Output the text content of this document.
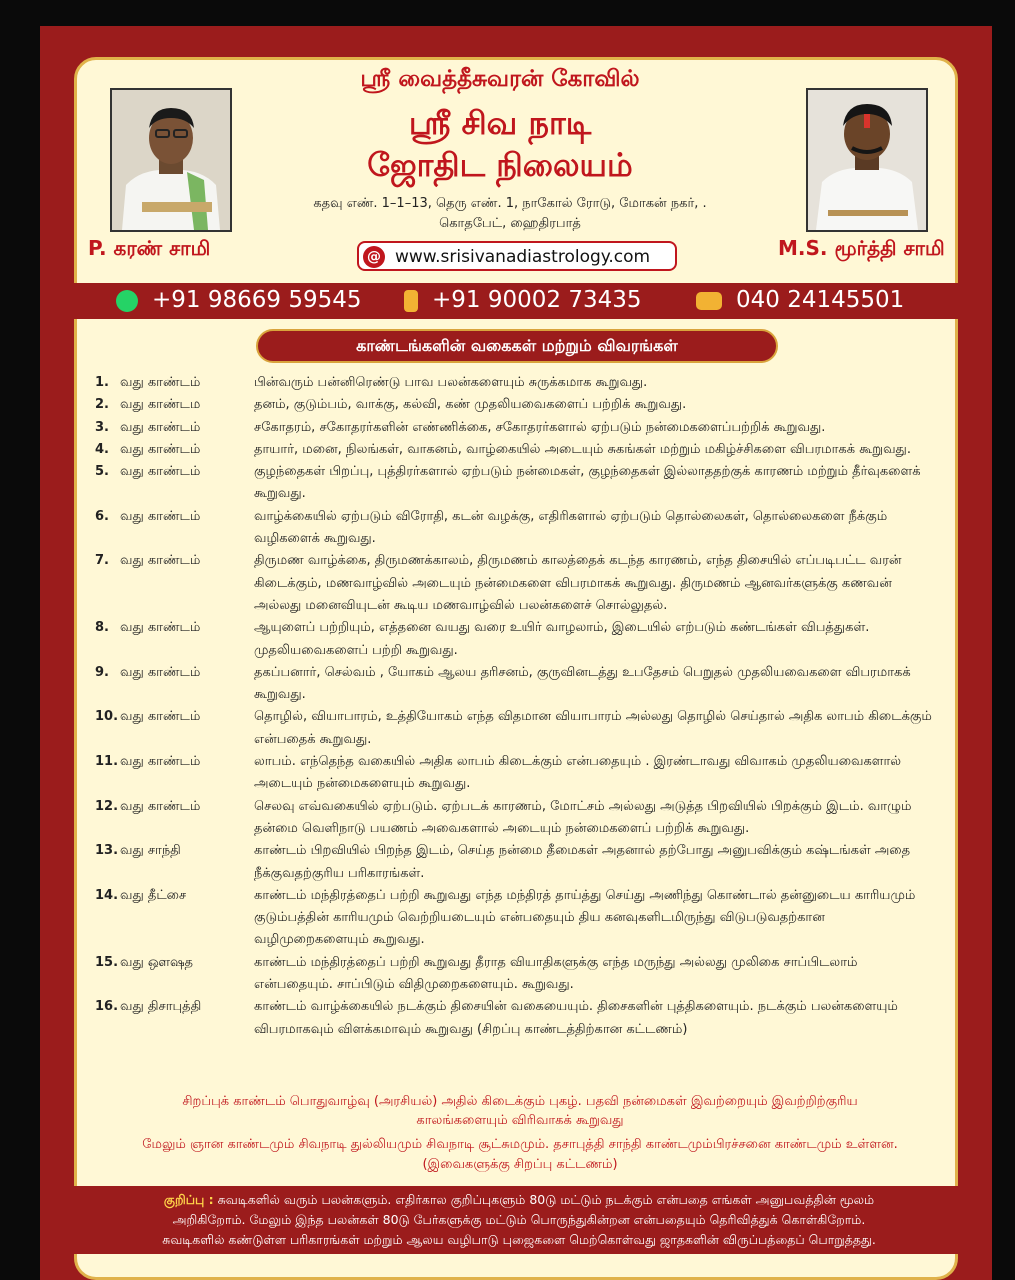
P. கரண் சாமி	M.S. மூர்த்தி சாமி
ஸ்ரீ வைத்தீசுவரன் கோவில்
ஸ்ரீ சிவ நாடி
ஜோதிட நிலையம்
கதவு எண். 1–1–13, தெரு எண். 1, நாகோல் ரோடு, மோகன் நகர், .
கொதபேட், ஹைதிரபாத்
@ www.srisivanadiastrology.com
+91 98669 59545	+91 90002 73435	040 24145501
காண்டங்களின் வகைகள் மற்றும் விவரங்கள்
1. வது காண்டம்	பின்வரும் பன்னிரெண்டு பாவ பலன்களையும் சுருக்கமாக கூறுவது.
2. வது காண்டம	தனம், குடும்பம், வாக்கு, கல்வி, கண் முதலியவைகளைப் பற்றிக் கூறுவது.
3. வது காண்டம்	சகோதரம், சகோதரர்களின் எண்ணிக்கை, சகோதரர்களால் ஏற்படும் நன்மைகளைப்பற்றிக் கூறுவது.
4. வது காண்டம்	தாயார், மனை, நிலங்கள், வாகனம், வாழ்கையில் அடையும் சுகங்கள் மற்றும் மகிழ்ச்சிகளை விபரமாகக் கூறுவது.
5. வது காண்டம்	குழந்தைகள் பிறப்பு, புத்திரர்களால் ஏற்படும் நன்மைகள், குழந்தைகள் இல்லாததற்குக் காரணம் மற்றும் தீர்வுகளைக் கூறுவது.
6. வது காண்டம்	வாழ்க்கையில் ஏற்படும் விரோதி, கடன் வழக்கு, எதிரிகளால் ஏற்படும் தொல்லைகள், தொல்லைகளை நீக்கும் வழிகளைக் கூறுவது.
7. வது காண்டம்	திருமண வாழ்க்கை, திருமணக்காலம், திருமணம் காலத்தைக் கடந்த காரணம், எந்த திசையில் எப்படிபட்ட வரன் கிடைக்கும், மணவாழ்வில் அடையும் நன்மைகளை விபரமாகக் கூறுவது. திருமணம் ஆனவர்களுக்கு கணவன் அல்லது மனைவியுடன் கூடிய மணவாழ்வில் பலன்களைச் சொல்லுதல்.
8. வது காண்டம்	ஆயுளைப் பற்றியும், எத்தனை வயது வரை உயிர் வாழலாம், இடையில் எற்படும் கண்டங்கள் விபத்துகள். முதலியவைகளைப் பற்றி கூறுவது.
9. வது காண்டம்	தகப்பனார், செல்வம் , யோகம் ஆலய தரிசனம், குருவினடத்து உபதேசம் பெறுதல் முதலியவைகளை விபரமாகக் கூறுவது.
10. வது காண்டம்	தொழில், வியாபாரம், உத்தியோகம் எந்த விதமான வியாபாரம் அல்லது தொழில் செய்தால் அதிக லாபம் கிடைக்கும் என்பதைக் கூறுவது.
11. வது காண்டம்	லாபம். எந்தெந்த வகையில் அதிக லாபம் கிடைக்கும் என்பதையும் . இரண்டாவது விவாகம் முதலியவைகளால் அடையும் நன்மைகளையும் கூறுவது.
12. வது காண்டம்	செலவு எவ்வகையில் ஏற்படும். ஏற்படக் காரணம், மோட்சம் அல்லது அடுத்த பிறவியில் பிறக்கும் இடம். வாழும் தன்மை வெளிநாடு பயணம் அவைகளால் அடையும் நன்மைகளைப் பற்றிக் கூறுவது.
13. வது சாந்தி	காண்டம் பிறவியில் பிறந்த இடம், செய்த நன்மை தீமைகள் அதனால் தற்போது அனுபவிக்கும் கஷ்டங்கள் அதை நீக்குவதற்குரிய பரிகாரங்கள்.
14. வது தீட்சை	காண்டம் மந்திரத்தைப் பற்றி கூறுவது எந்த மந்திரத் தாய்த்து செய்து அணிந்து கொண்டால் தன்னுடைய காரியமும் குடும்பத்தின் காரியமும் வெற்றியடையும் என்பதையும் திய கனவுகளிடமிருந்து விடுபடுவதற்கான வழிமுறைகளையும் கூறுவது.
15. வது ஔஷத	காண்டம் மந்திரத்தைப் பற்றி கூறுவது தீராத வியாதிகளுக்கு எந்த மருந்து அல்லது முலிகை சாப்பிடலாம் என்பதையும். சாப்பிடும் விதிமுறைகளையும். கூறுவது.
16. வது திசாபுத்தி	காண்டம் வாழ்க்கையில் நடக்கும் திசையின் வகையையும். திசைகளின் புத்திகளையும். நடக்கும் பலன்களையும் விபரமாகவும் விளக்கமாவும் கூறுவது (சிறப்பு காண்டத்திற்கான கட்டணம்)
சிறப்புக் காண்டம் பொதுவாழ்வு (அரசியல்) அதில் கிடைக்கும் புகழ். பதவி நன்மைகள் இவற்றையும் இவற்றிற்குரிய
காலங்களையும் விரிவாகக் கூறுவது
மேலும் ஞான காண்டமும் சிவநாடி துல்லியமும் சிவநாடி சூட்சுமமும். தசாபுத்தி சாந்தி காண்டமும்பிரச்சனை காண்டமும் உள்ளன.
(இவைகளுக்கு சிறப்பு கட்டணம்)

குறிப்பு : சுவடிகளில் வரும் பலன்களும். எதிர்கால குறிப்புகளும் 80டு மட்டும் நடக்கும் என்பதை எங்கள் அனுபவத்தின் மூலம்
அறிகிறோம். மேலும் இந்த பலன்கள் 80டு பேர்களுக்கு மட்டும் பொருந்துகின்றன என்பதையும் தெரிவித்துக் கொள்கிறோம்.
சுவடிகளில் கண்டுள்ள பரிகாரங்கள் மற்றும் ஆலய வழிபாடு புஜைகளை மெற்கொள்வது ஜாதகளின் விருப்பத்தைப் பொறுத்தது.
